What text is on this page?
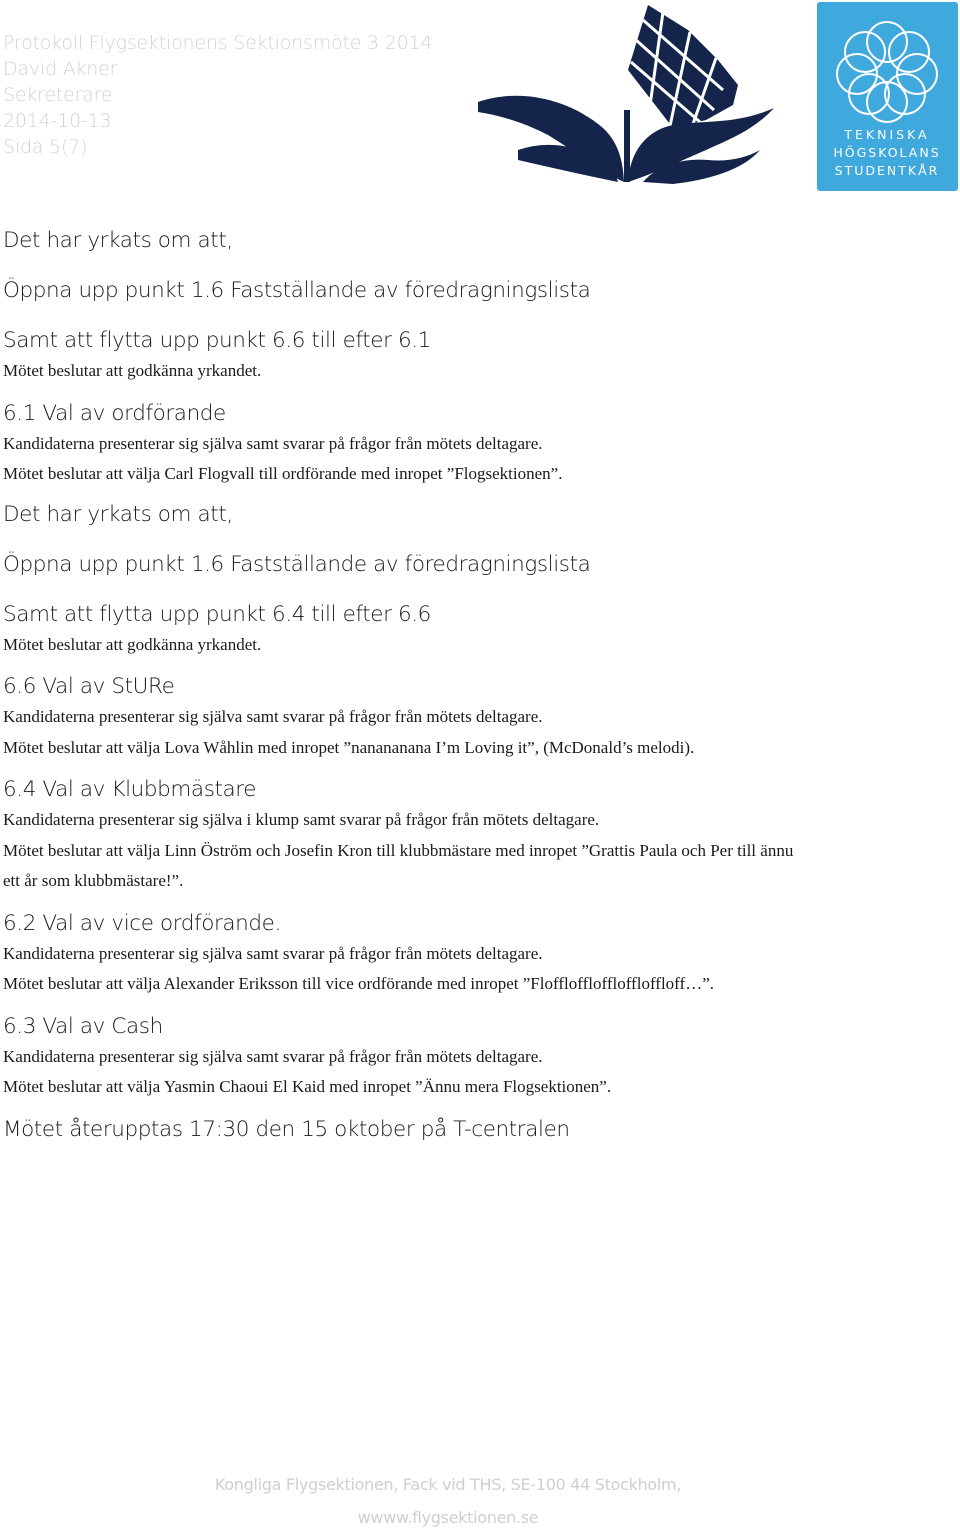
Protokoll Flygsektionens Sektionsmöte 3 2014
David Akner
Sekreterare
2014-10-13
Sida 5(7)
TEKNISKA
HÖGSKOLANS
STUDENTKÅR
Det har yrkats om att,
Öppna upp punkt 1.6 Fastställande av föredragningslista
Samt att flytta upp punkt 6.6 till efter 6.1

Mötet beslutar att godkänna yrkandet.

6.1 Val av ordförande

Kandidaterna presenterar sig själva samt svarar på frågor från mötets deltagare.

Mötet beslutar att välja Carl Flogvall till ordförande med inropet ”Flogsektionen”.

Det har yrkats om att,
Öppna upp punkt 1.6 Fastställande av föredragningslista
Samt att flytta upp punkt 6.4 till efter 6.6

Mötet beslutar att godkänna yrkandet.

6.6 Val av StURe

Kandidaterna presenterar sig själva samt svarar på frågor från mötets deltagare.

Mötet beslutar att välja Lova Wåhlin med inropet ”nanananana I’m Loving it”, (McDonald’s melodi).

6.4 Val av Klubbmästare

Kandidaterna presenterar sig själva i klump samt svarar på frågor från mötets deltagare.

Mötet beslutar att välja Linn Öström och Josefin Kron till klubbmästare med inropet ”Grattis Paula och Per till ännu

ett år som klubbmästare!”.

6.2 Val av vice ordförande.

Kandidaterna presenterar sig själva samt svarar på frågor från mötets deltagare.

Mötet beslutar att välja Alexander Eriksson till vice ordförande med inropet ”Floffloffloffloffloffloff…”.

6.3 Val av Cash

Kandidaterna presenterar sig själva samt svarar på frågor från mötets deltagare.

Mötet beslutar att välja Yasmin Chaoui El Kaid med inropet ”Ännu mera Flogsektionen”.

Mötet återupptas 17:30 den 15 oktober på T-centralen
Kongliga Flygsektionen, Fack vid THS, SE-100 44 Stockholm,
wwww.flygsektionen.se
